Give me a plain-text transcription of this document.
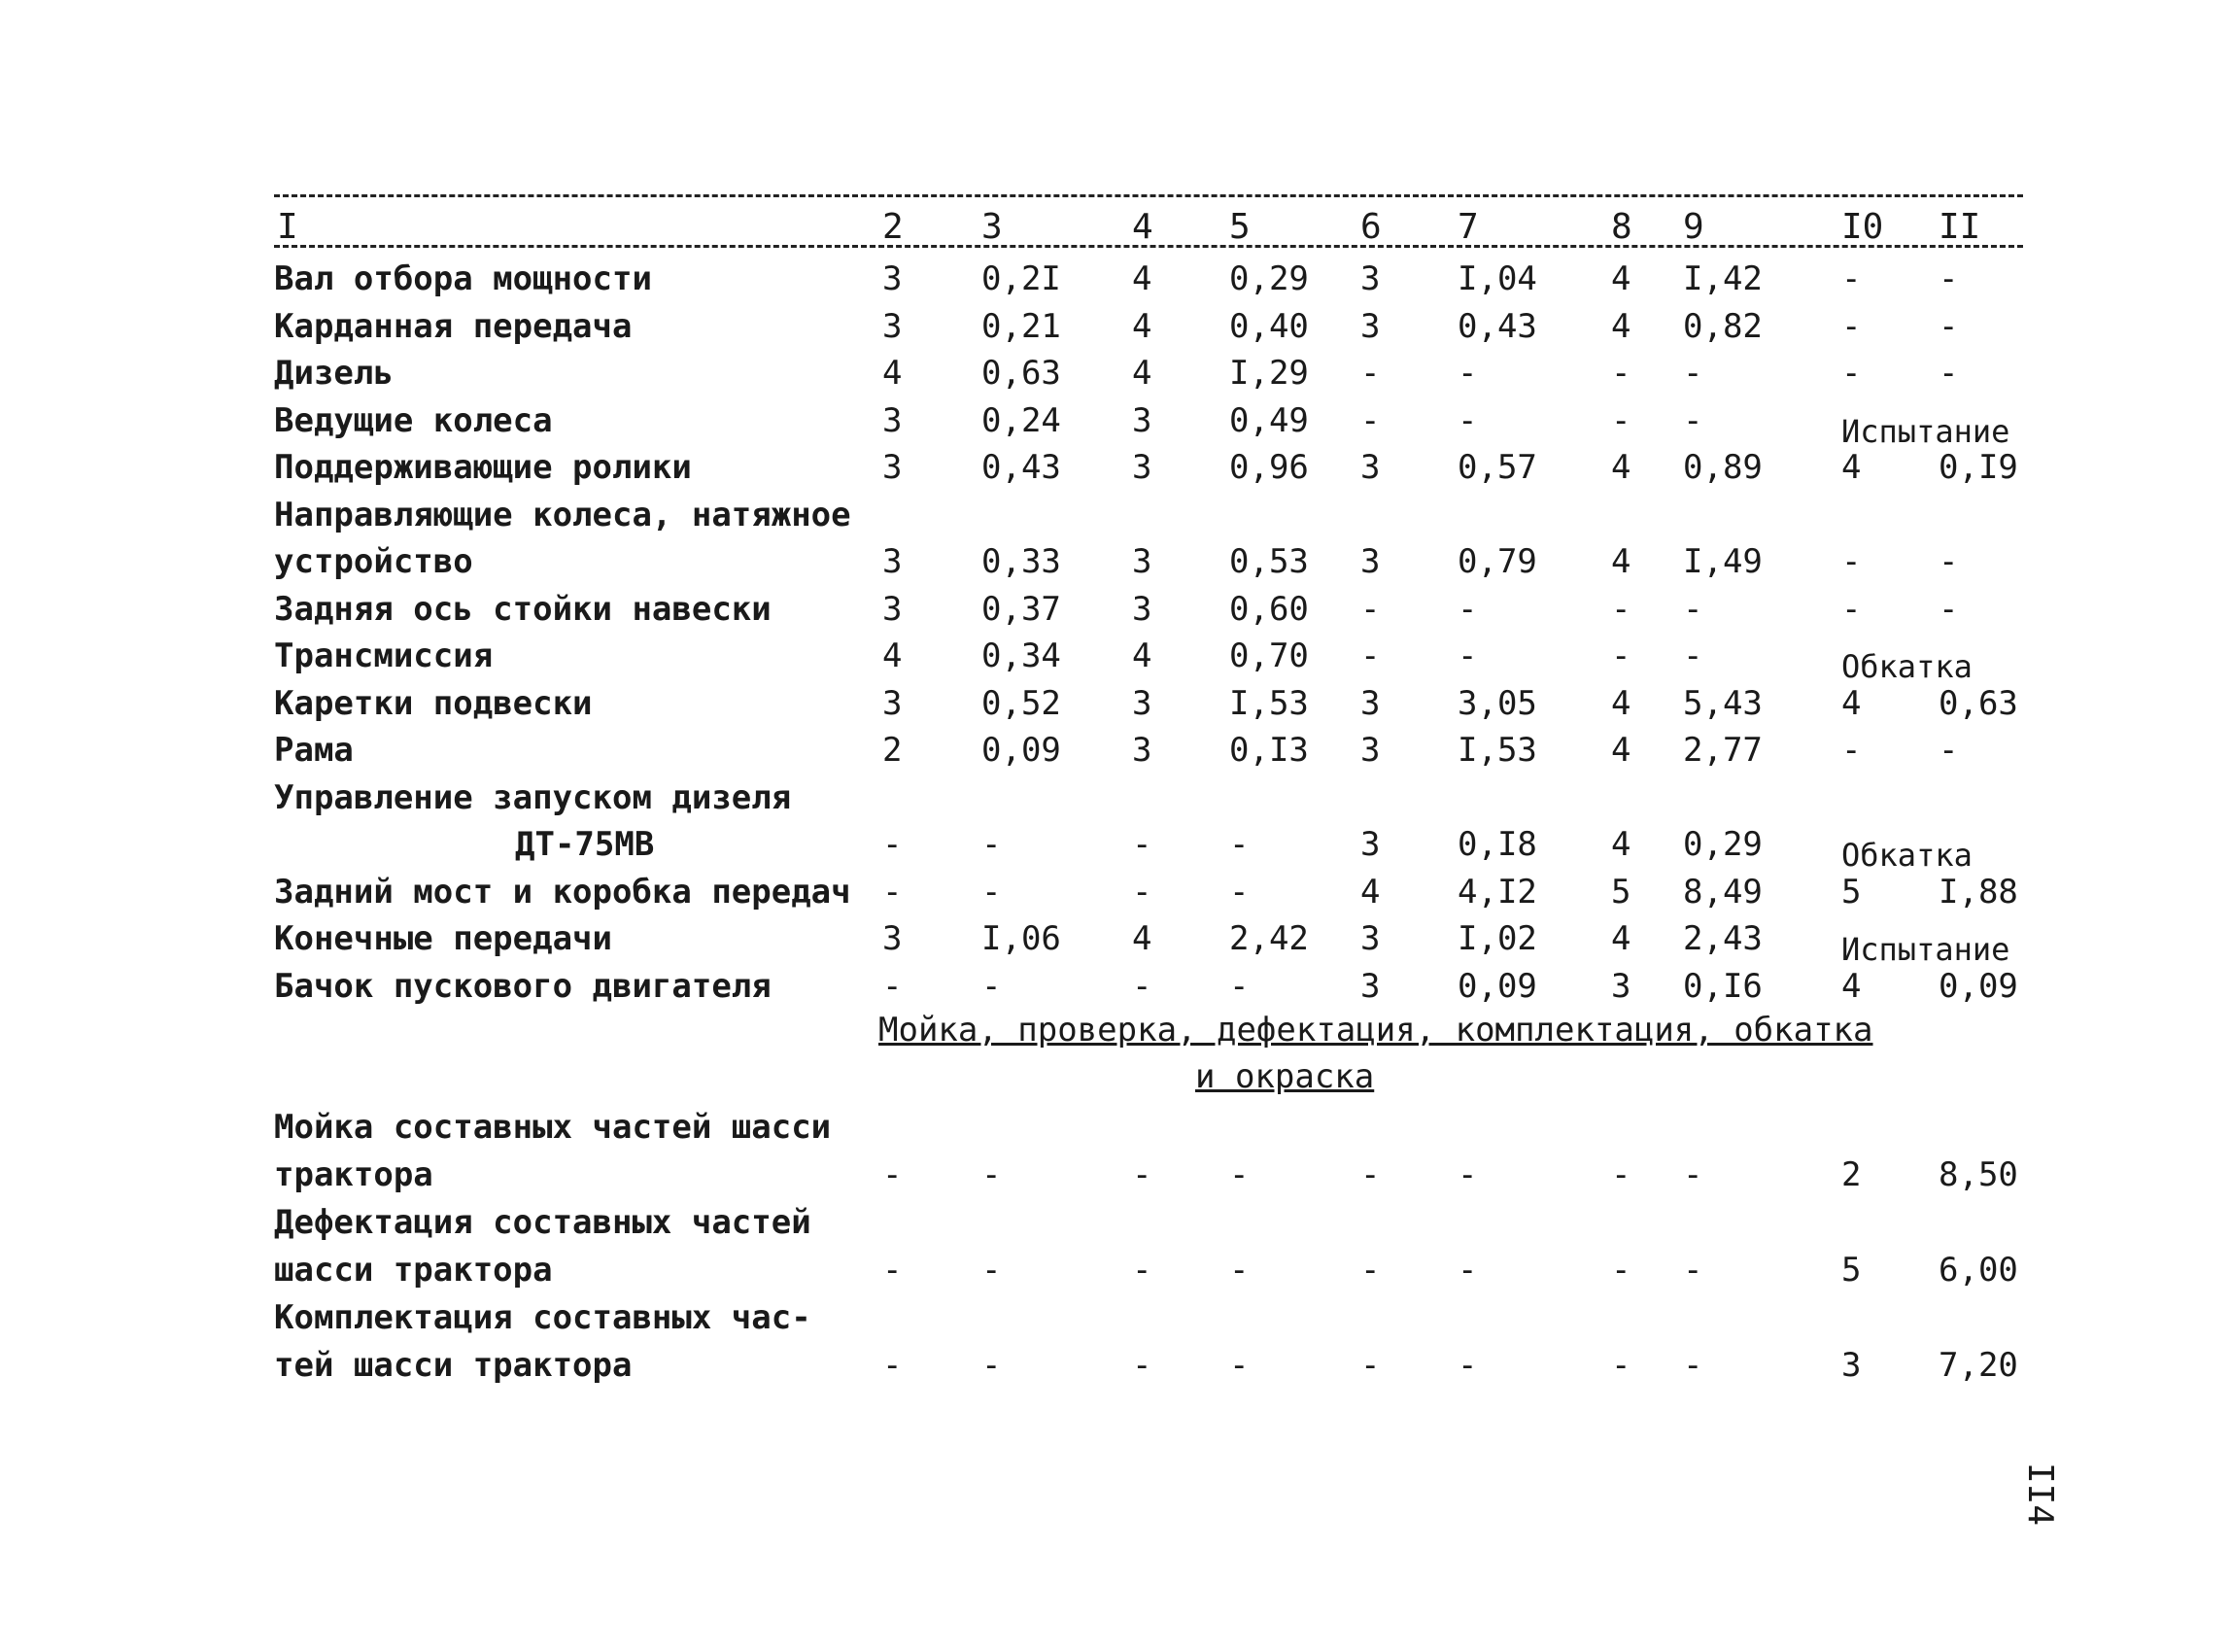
I	2 3	4 5	6 7	8 9	I0 II
Вал отбора мощности	3 0,2I 4 0,29 3 I,04 4 I,42 - -
Карданная передача	3 0,21 4 0,40 3 0,43 4 0,82 - -
Дизель	4 0,63 4 I,29 - -	- -	- -
Ведущие колеса	3 0,24 3 0,49 - -	- -	Испытание
Поддерживающие ролики	3 0,43 3 0,96 3 0,57 4 0,89 4 0,I9
Направляющие колеса, натяжное
устройство	3 0,33 3 0,53 3 0,79 4 I,49 - -
Задняя ось стойки навески	3 0,37 3 0,60 - -	- -	- -
Трансмиссия	4 0,34 4 0,70 - -	- -	Обкатка
Каретки подвески	3 0,52 3 I,53 3 3,05 4 5,43 4 0,63
Рама	2 0,09 3 0,I3 3 I,53 4 2,77 - -
Управление запуском дизеля
ДТ-75МВ	- -	- -	3 0,I8 4 0,29	Обкатка
Задний мост и коробка передач - -	- -	4 4,I2 5 8,49 5 I,88
Конечные передачи	3 I,06 4 2,42 3 I,02 4 2,43	Испытание
Бачок пускового двигателя	- -	- -	3 0,09 3 0,I6 4 0,09
Мойка составных частей шасси
трактора	- -	- -	- -	- -	2 8,50
Дефектация составных частей
шасси трактора	- -	- -	- -	- -	5 6,00
Комплектация составных час-
тей шасси трактора	- -	- -	- -	- -	3 7,20
Мойка, проверка, дефектация, комплектация, обкатка
и окраска
II4
